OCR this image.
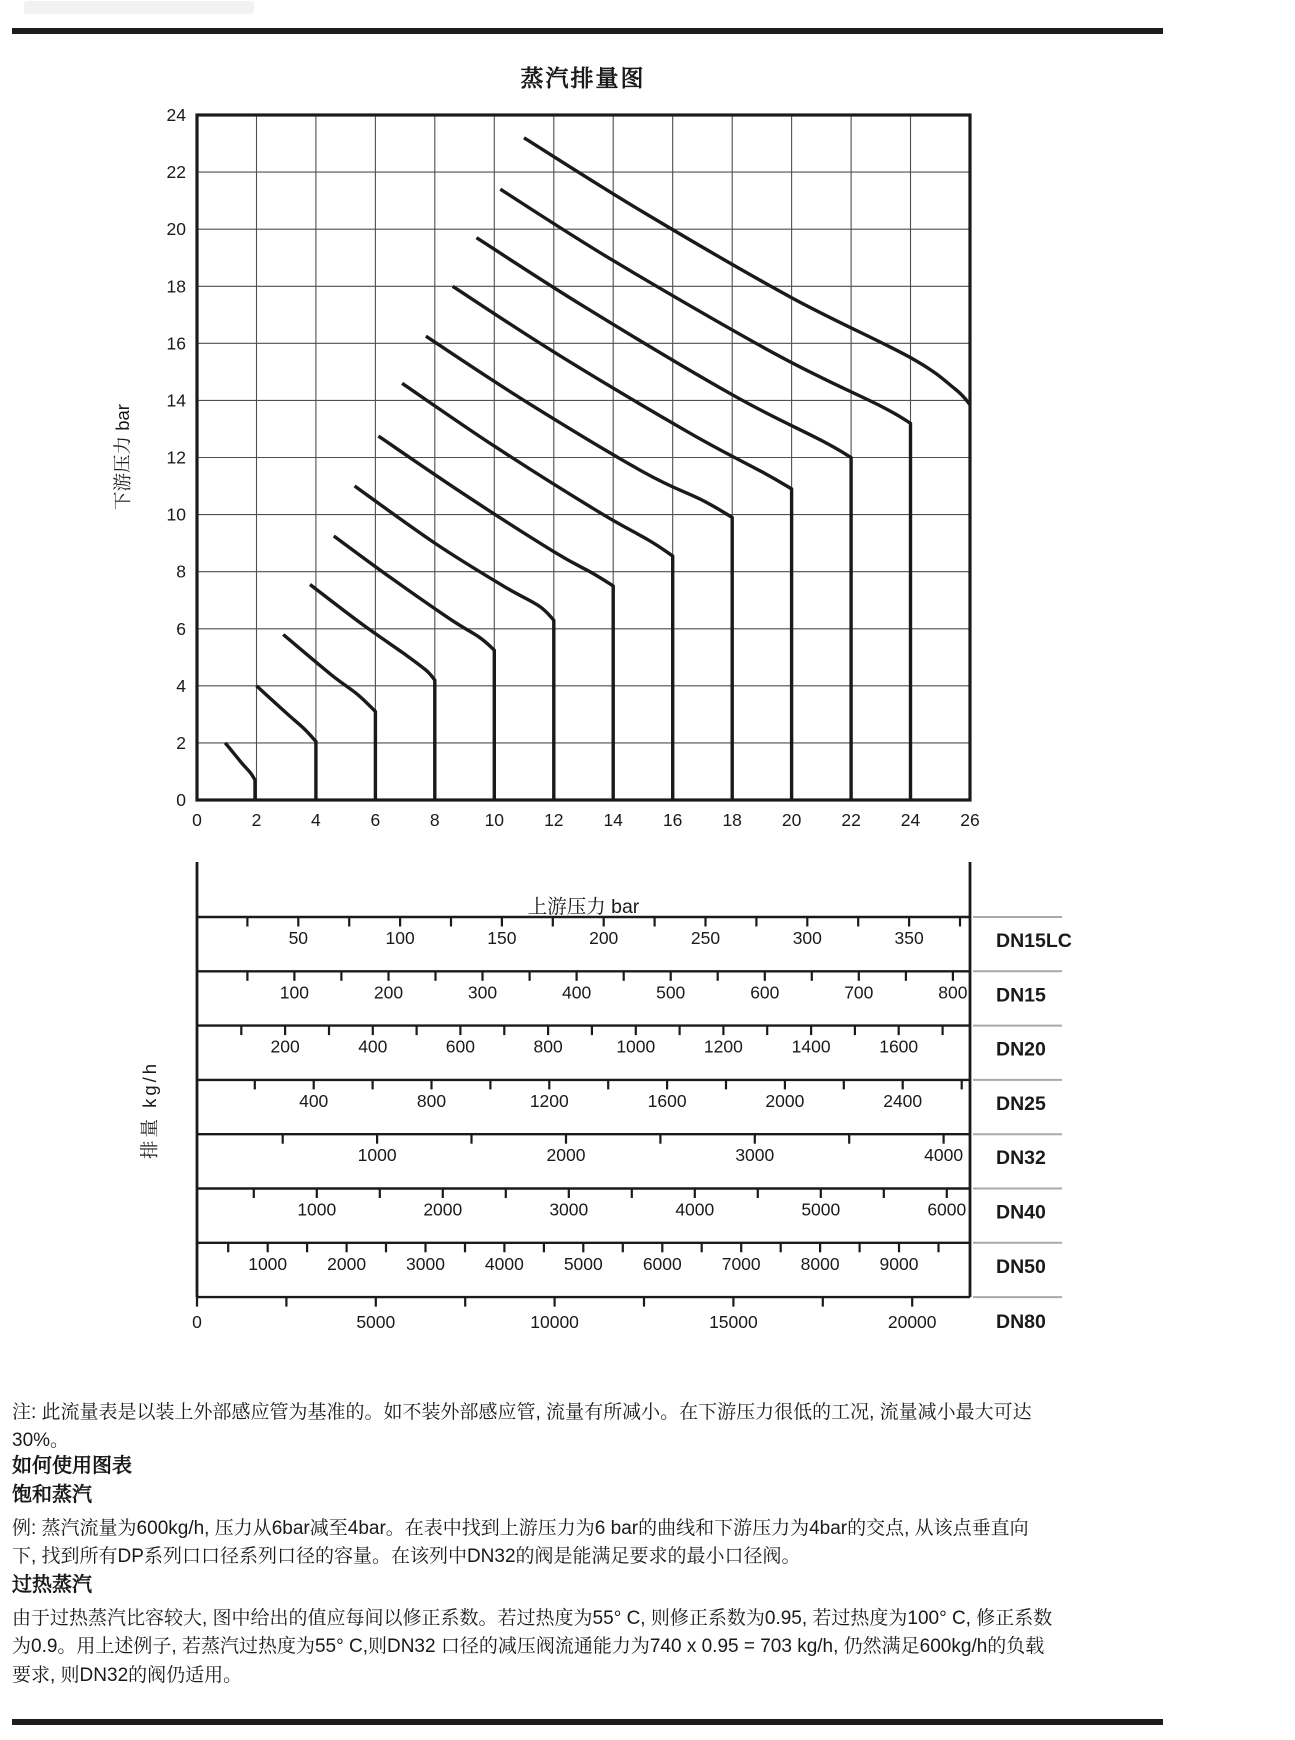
蒸汽排量图
0	2	4	6	8	10 12 14 16 18 20 22 24 26
0
2
4
6
8
10
12
14
16
18
20
22
24
50	100	150	200	250	300	350	DN15LC
100	200	300	400	500	600	700	800 DN15
200	400	600	800	1000	1200	1400	1600	DN20
400	800	1200	1600	2000	2400	DN25
1000	2000	3000	4000 DN32
1000	2000	3000	4000	5000	6000 DN40
1000 2000 3000 4000 5000 6000 7000 8000 9000	DN50
0	5000	10000	15000	20000	DN80
下游压力 bar
排量 kg/h
上游压力 bar
注: 此流量表是以装上外部感应管为基准的。如不装外部感应管, 流量有所减小。在下游压力很低的工况, 流量减小最大可达
30%。
如何使用图表
饱和蒸汽
例: 蒸汽流量为600kg/h, 压力从6bar减至4bar。在表中找到上游压力为6 bar的曲线和下游压力为4bar的交点, 从该点垂直向
下, 找到所有DP系列口口径系列口径的容量。在该列中DN32的阀是能满足要求的最小口径阀。
过热蒸汽
由于过热蒸汽比容较大, 图中给出的值应每间以修正系数。若过热度为55° C, 则修正系数为0.95, 若过热度为100° C, 修正系数
为0.9。用上述例子, 若蒸汽过热度为55° C,则DN32 口径的减压阀流通能力为740 x 0.95 = 703 kg/h, 仍然满足600kg/h的负载
要求, 则DN32的阀仍适用。
